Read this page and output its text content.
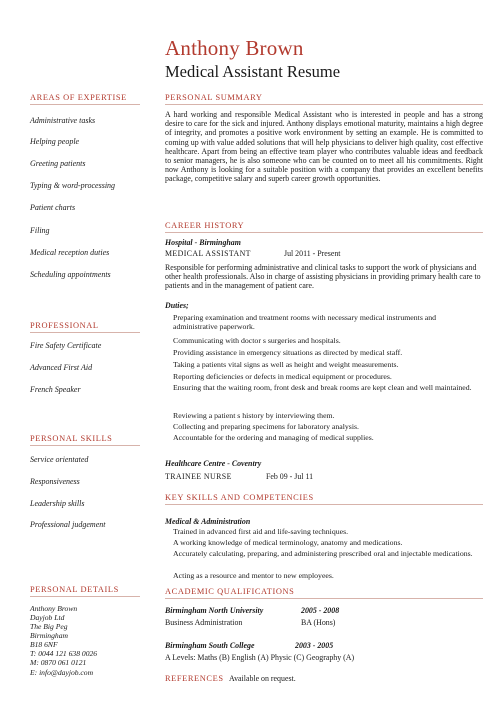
Anthony Brown
Medical Assistant Resume
AREAS OF EXPERTISE
Administrative tasks
Helping people
Greeting patients
Typing & word-processing
Patient charts
Filing
Medical reception duties
Scheduling appointments
PROFESSIONAL
Fire Safety Certificate
Advanced First Aid
French Speaker
PERSONAL SKILLS
Service orientated
Responsiveness
Leadership skills
Professional judgement
PERSONAL DETAILS
Anthony Brown
Dayjob Ltd
The Big Peg
Birmingham
B18 6NF
T: 0044 121 638 0026
M: 0870 061 0121
E: info@dayjob.com
PERSONAL SUMMARY
A hard working and responsible Medical Assistant who is interested in people and has a strong desire to care for the sick and injured. Anthony displays emotional maturity, maintains a high degree of integrity, and promotes a positive work environment by setting an example. He is committed to coming up with value added solutions that will help physicians to deliver high quality, cost effective healthcare. Apart from being an effective team player who contributes valuable ideas and feedback to senior managers, he is also someone who can be counted on to meet all his commitments. Right now Anthony is looking for a suitable position with a company that provides an excellent benefits package, competitive salary and superb career growth opportunities.
CAREER HISTORY
Hospital - Birmingham
MEDICAL ASSISTANT	Jul 2011 - Present
Responsible for performing administrative and clinical tasks to support the work of physicians and other health professionals. Also in charge of assisting physicians in providing primary health care to patients and in the management of patient care.
Duties;
Preparing examination and treatment rooms with necessary medical instruments and administrative paperwork.
Communicating with doctor s surgeries and hospitals.
Providing assistance in emergency situations as directed by medical staff.
Taking a patients vital signs as well as height and weight measurements.
Reporting deficiencies or defects in medical equipment or procedures.
Ensuring that the waiting room, front desk and break rooms are kept clean and well maintained.
Reviewing a patient s history by interviewing them.
Collecting and preparing specimens for laboratory analysis.
Accountable for the ordering and managing of medical supplies.
Healthcare Centre - Coventry
TRAINEE NURSE	Feb 09 - Jul 11
KEY SKILLS AND COMPETENCIES
Medical & Administration
Trained in advanced first aid and life-saving techniques.
A working knowledge of medical terminology, anatomy and medications.
Accurately calculating, preparing, and administering prescribed oral and injectable medications.
Acting as a resource and mentor to new employees.
ACADEMIC QUALIFICATIONS
Birmingham North University	2005 - 2008
Business Administration	BA (Hons)
Birmingham South College	2003 - 2005
A Levels: Maths (B) English (A) Physic (C) Geography (A)
REFERENCES Available on request.
